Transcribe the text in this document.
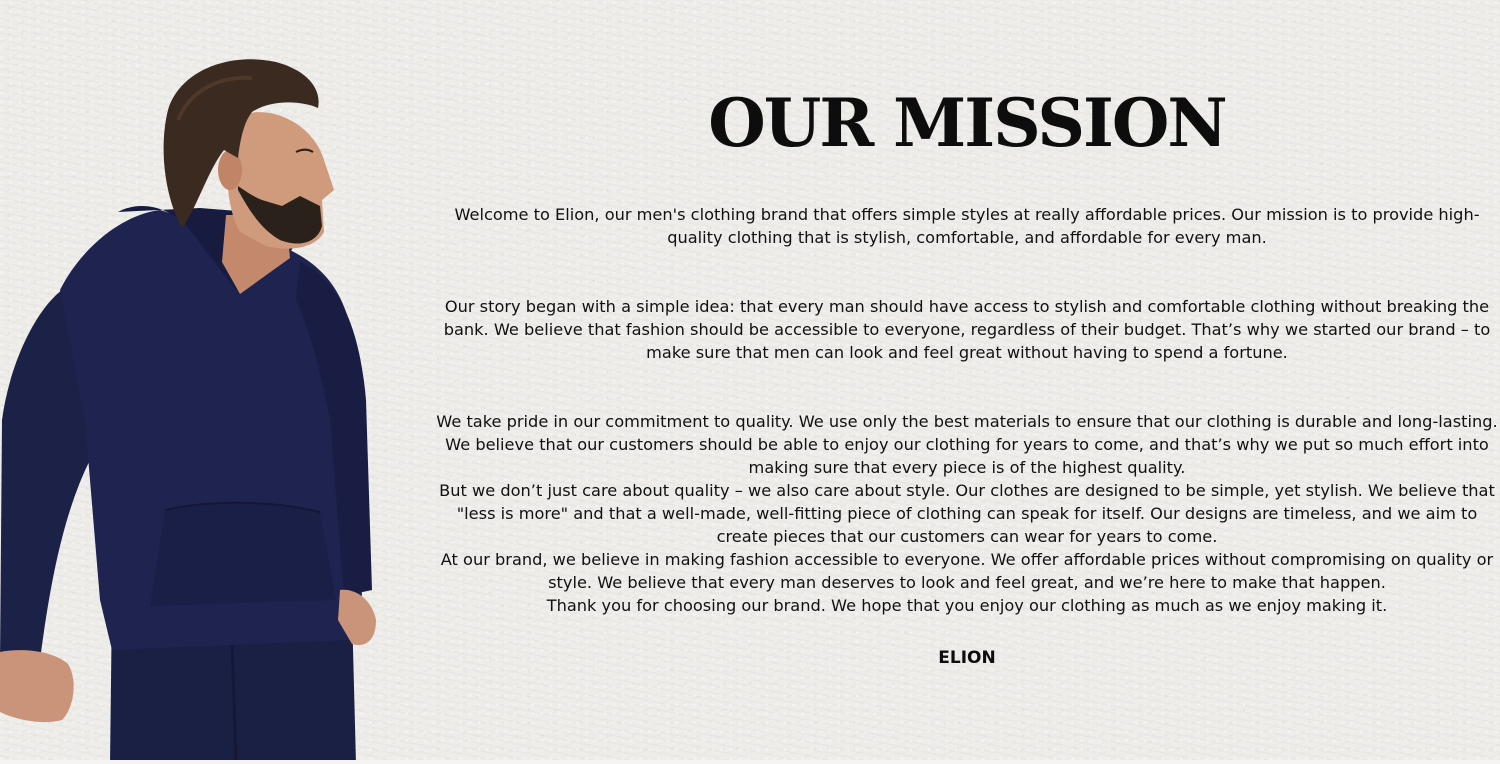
OUR MISSION

Welcome to Elion, our men's clothing brand that offers simple styles at really affordable prices. Our mission is to provide high-quality clothing that is stylish, comfortable, and affordable for every man.

Our story began with a simple idea: that every man should have access to stylish and comfortable clothing without breaking the bank. We believe that fashion should be accessible to everyone, regardless of their budget. That’s why we started our brand – to make sure that men can look and feel great without having to spend a fortune.

We take pride in our commitment to quality. We use only the best materials to ensure that our clothing is durable and long-lasting. We believe that our customers should be able to enjoy our clothing for years to come, and that’s why we put so much effort into making sure that every piece is of the highest quality.

But we don’t just care about quality – we also care about style. Our clothes are designed to be simple, yet stylish. We believe that "less is more" and that a well-made, well-fitting piece of clothing can speak for itself. Our designs are timeless, and we aim to create pieces that our customers can wear for years to come.

At our brand, we believe in making fashion accessible to everyone. We offer affordable prices without compromising on quality or style. We believe that every man deserves to look and feel great, and we’re here to make that happen.

Thank you for choosing our brand. We hope that you enjoy our clothing as much as we enjoy making it.

ELION
